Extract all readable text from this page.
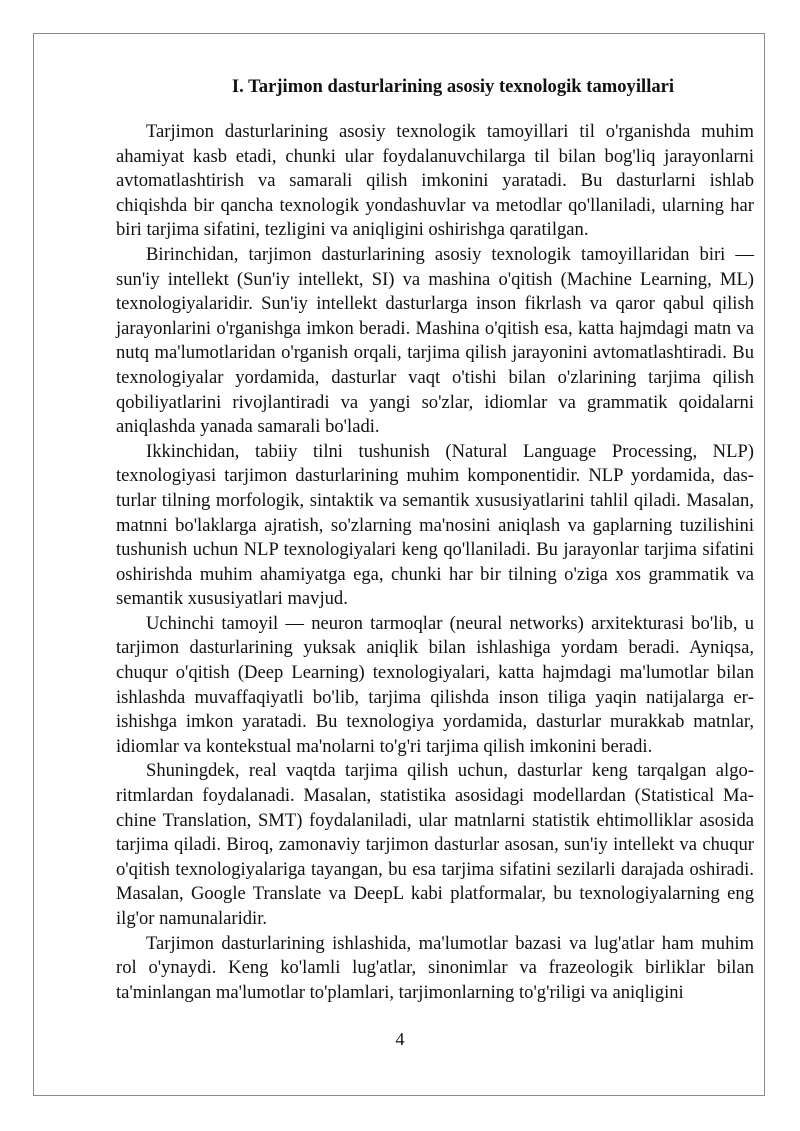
I. Tarjimon dasturlarining asosiy texnologik tamoyillari

Tarjimon dasturlarining asosiy texnologik tamoyillari til o'rganishda muhim ahamiyat kasb etadi, chunki ular foydalanuvchilarga til bilan bog'liq jarayonlarni avtomatlashtirish va samarali qilish imkonini yaratadi. Bu dasturlarni ishlab chiqishda bir qancha texnologik yondashuvlar va metodlar qo'llaniladi, ularning har biri tarjima sifatini, tezligini va aniqligini oshirishga qaratilgan.

Birinchidan, tarjimon dasturlarining asosiy texnologik tamoyillaridan biri — sun'iy intellekt (Sun'iy intellekt, SI) va mashina o'qitish (Machine Learning, ML) texnologiyalaridir. Sun'iy intellekt dasturlarga inson fikrlash va qaror qabul qilish jarayonlarini o'rganishga imkon beradi. Mashina o'qitish esa, katta hajmdagi matn va nutq ma'lumotlaridan o'rganish orqali, tarjima qilish jarayonini avtomatlashtiradi. Bu texnologiyalar yordamida, dasturlar vaqt o'tishi bilan o'zlarining tarjima qilish qobiliyatlarini rivojlantiradi va yangi so'zlar, idiomlar va grammatik qoidalarni aniqlashda yanada samarali bo'ladi.

Ikkinchidan, tabiiy tilni tushunish (Natural Language Processing, NLP) texnologiyasi tarjimon dasturlarining muhim komponentidir. NLP yordamida, dasturlar tilning morfologik, sintaktik va semantik xususiyatlarini tahlil qiladi. Masalan, matnni bo'laklarga ajratish, so'zlarning ma'nosini aniqlash va gaplarning tuzilishini tushunish uchun NLP texnologiyalari keng qo'llaniladi. Bu jarayonlar tarjima sifatini oshirishda muhim ahamiyatga ega, chunki har bir tilning o'ziga xos grammatik va semantik xususiyatlari mavjud.

Uchinchi tamoyil — neuron tarmoqlar (neural networks) arxitekturasi bo'lib, u tarjimon dasturlarining yuksak aniqlik bilan ishlashiga yordam beradi. Ayniqsa, chuqur o'qitish (Deep Learning) texnologiyalari, katta hajmdagi ma'lumotlar bilan ishlashda muvaffaqiyatli bo'lib, tarjima qilishda inson tiliga yaqin natijalarga erishishga imkon yaratadi. Bu texnologiya yordamida, dasturlar murakkab matnlar, idiomlar va kontekstual ma'nolarni to'g'ri tarjima qilish imkonini beradi.

Shuningdek, real vaqtda tarjima qilish uchun, dasturlar keng tarqalgan algoritmlardan foydalanadi. Masalan, statistika asosidagi modellardan (Statistical Machine Translation, SMT) foydalaniladi, ular matnlarni statistik ehtimolliklar asosida tarjima qiladi. Biroq, zamonaviy tarjimon dasturlar asosan, sun'iy intellekt va chuqur o'qitish texnologiyalariga tayangan, bu esa tarjima sifatini sezilarli darajada oshiradi. Masalan, Google Translate va DeepL kabi platformalar, bu texnologiyalarning eng ilg'or namunalaridir.

Tarjimon dasturlarining ishlashida, ma'lumotlar bazasi va lug'atlar ham muhim rol o'ynaydi. Keng ko'lamli lug'atlar, sinonimlar va frazeologik birliklar bilan ta'minlangan ma'lumotlar to'plamlari, tarjimonlarning to'g'riligi va aniqligini

4
